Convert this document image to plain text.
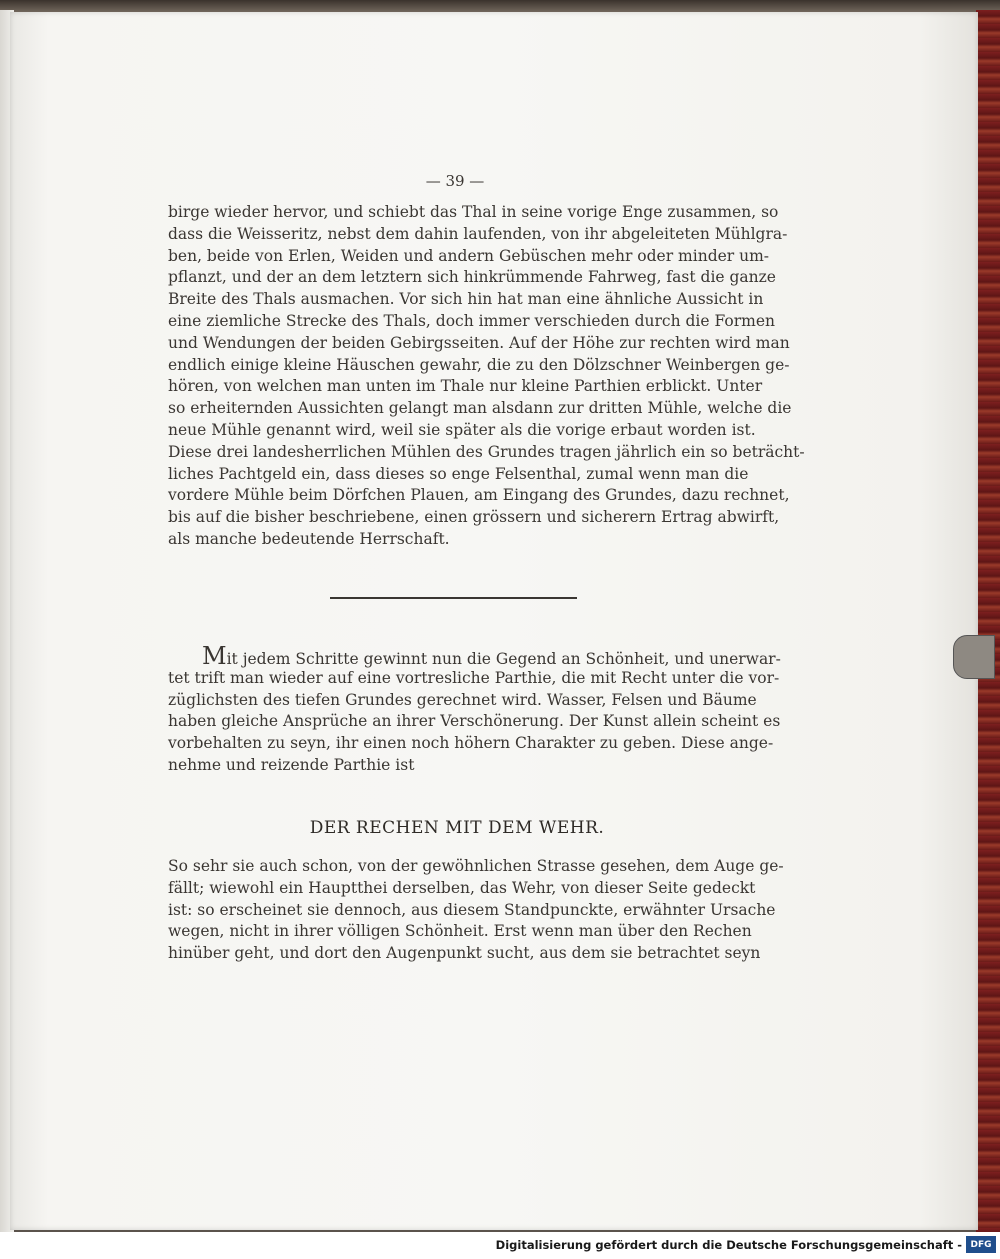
— 39 —
birge wieder hervor, und schiebt das Thal in seine vorige Enge zusammen, so
dass die Weisseritz, nebst dem dahin laufenden, von ihr abgeleiteten Mühlgra-
ben, beide von Erlen, Weiden und andern Gebüschen mehr oder minder um-
pflanzt, und der an dem letztern sich hinkrümmende Fahrweg, fast die ganze
Breite des Thals ausmachen. Vor sich hin hat man eine ähnliche Aussicht in
eine ziemliche Strecke des Thals, doch immer verschieden durch die Formen
und Wendungen der beiden Gebirgsseiten. Auf der Höhe zur rechten wird man
endlich einige kleine Häuschen gewahr, die zu den Dölzschner Weinbergen ge-
hören, von welchen man unten im Thale nur kleine Parthien erblickt. Unter
so erheiternden Aussichten gelangt man alsdann zur dritten Mühle, welche die
neue Mühle genannt wird, weil sie später als die vorige erbaut worden ist.
Diese drei landesherrlichen Mühlen des Grundes tragen jährlich ein so beträcht-
liches Pachtgeld ein, dass dieses so enge Felsenthal, zumal wenn man die
vordere Mühle beim Dörfchen Plauen, am Eingang des Grundes, dazu rechnet,
bis auf die bisher beschriebene, einen grössern und sicherern Ertrag abwirft,
als manche bedeutende Herrschaft.
Mit jedem Schritte gewinnt nun die Gegend an Schönheit, und unerwar-
tet trift man wieder auf eine vortresliche Parthie, die mit Recht unter die vor-
züglichsten des tiefen Grundes gerechnet wird. Wasser, Felsen und Bäume
haben gleiche Ansprüche an ihrer Verschönerung. Der Kunst allein scheint es
vorbehalten zu seyn, ihr einen noch höhern Charakter zu geben. Diese ange-
nehme und reizende Parthie ist
DER RECHEN MIT DEM WEHR.
So sehr sie auch schon, von der gewöhnlichen Strasse gesehen, dem Auge ge-
fällt; wiewohl ein Hauptthei derselben, das Wehr, von dieser Seite gedeckt
ist: so erscheinet sie dennoch, aus diesem Standpunckte, erwähnter Ursache
wegen, nicht in ihrer völligen Schönheit. Erst wenn man über den Rechen
hinüber geht, und dort den Augenpunkt sucht, aus dem sie betrachtet seyn
Digitalisierung gefördert durch die Deutsche Forschungsgemeinschaft - DFG
